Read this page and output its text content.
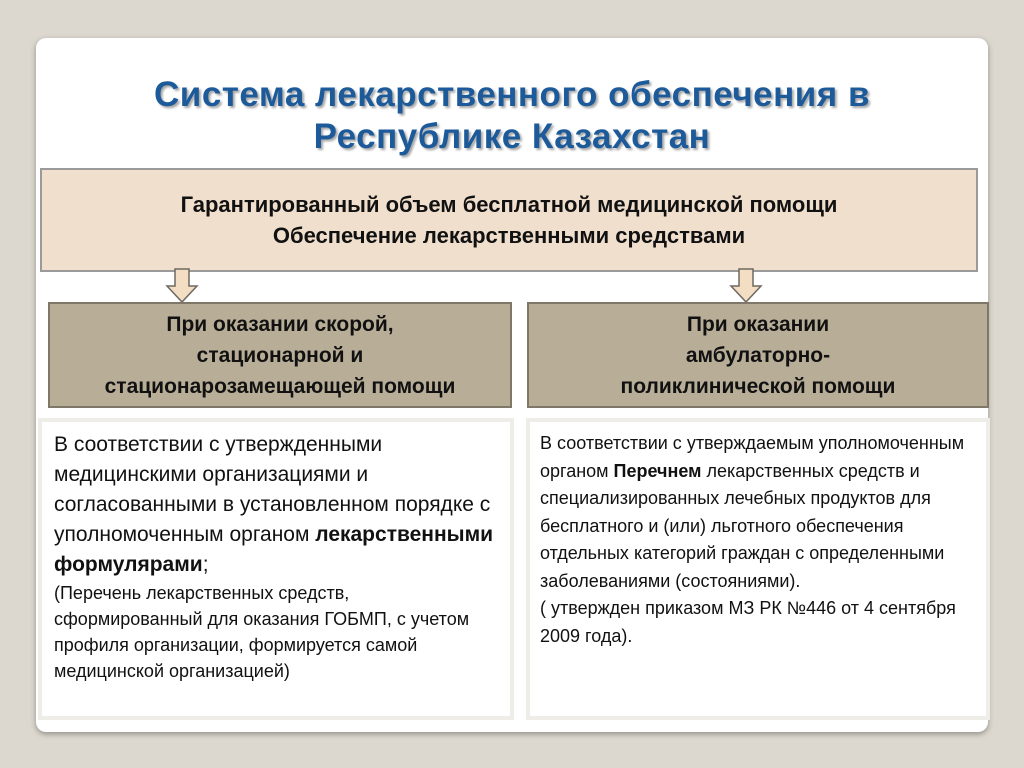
Система лекарственного обеспечения в
Республике Казахстан
Гарантированный объем бесплатной медицинской помощи
Обеспечение лекарственными средствами
При оказании скорой,
стационарной и
стационарозамещающей помощи
При оказании
амбулаторно-
поликлинической помощи

В соответствии с утвержденными медицинскими организациями и согласованными в установленном порядке с уполномоченным органом лекарственными формулярами;

(Перечень лекарственных средств, сформированный для оказания ГОБМП, с учетом профиля организации, формируется самой медицинской организацией)

В соответствии с утверждаемым уполномоченным органом Перечнем лекарственных средств и специализированных лечебных продуктов для бесплатного и (или) льготного обеспечения отдельных категорий граждан с определенными заболеваниями (состояниями).

( утвержден приказом МЗ РК №446 от 4 сентября 2009 года).
